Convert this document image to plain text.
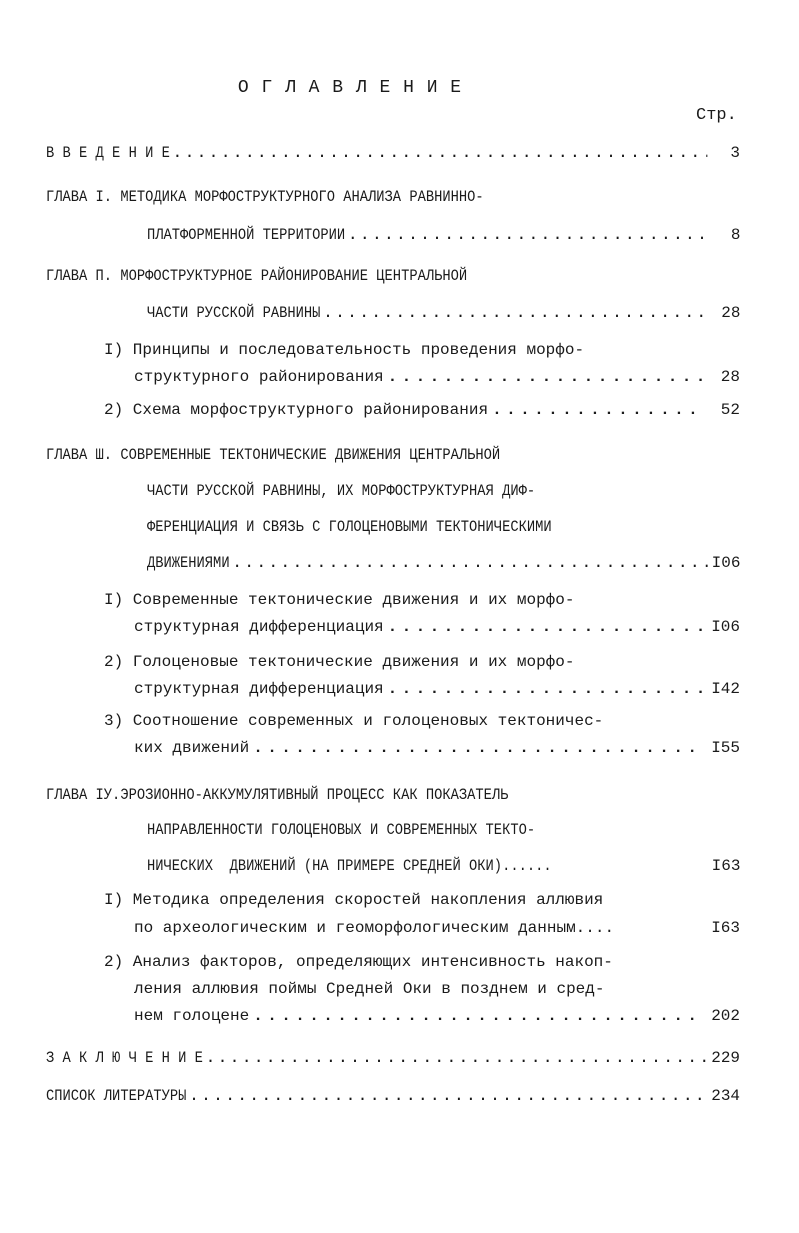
О Г Л А В Л Е Н И Е
Стр.
В В Е Д Е Н И Е . . .	3
ГЛАВА I. МЕТОДИКА МОРФОСТРУКТУРНОГО АНАЛИЗА РАВНИННО-
ПЛАТФОРМЕННОЙ ТЕРРИТОРИИ . . .	8
ГЛАВА П. МОРФОСТРУКТУРНОЕ РАЙОНИРОВАНИЕ ЦЕНТРАЛЬНОЙ
ЧАСТИ РУССКОЙ РАВНИНЫ . . .	28
I) Принципы и последовательность проведения морфо-
структурного районирования . . .	28
2) Схема морфоструктурного районирования . . .	52
ГЛАВА Ш. СОВРЕМЕННЫЕ ТЕКТОНИЧЕСКИЕ ДВИЖЕНИЯ ЦЕНТРАЛЬНОЙ
ЧАСТИ РУССКОЙ РАВНИНЫ, ИХ МОРФОСТРУКТУРНАЯ ДИФ-
ФЕРЕНЦИАЦИЯ И СВЯЗЬ С ГОЛОЦЕНОВЫМИ ТЕКТОНИЧЕСКИМИ
ДВИЖЕНИЯМИ . . .	I06
I) Современные тектонические движения и их морфо-
структурная дифференциация . . .	I06
2) Голоценовые тектонические движения и их морфо-
структурная дифференциация . . .	I42
3) Соотношение современных и голоценовых тектоничес-
ких движений . . .	I55
ГЛАВА IУ.ЭРОЗИОННО-АККУМУЛЯТИВНЫЙ ПРОЦЕСС КАК ПОКАЗАТЕЛЬ
НАПРАВЛЕННОСТИ ГОЛОЦЕНОВЫХ И СОВРЕМЕННЫХ ТЕКТО-
НИЧЕСКИХ  ДВИЖЕНИЙ (НА ПРИМЕРЕ СРЕДНЕЙ ОКИ)......	I63
I) Методика определения скоростей накопления аллювия
по археологическим и геоморфологическим данным....	I63
2) Анализ факторов, определяющих интенсивность накоп-
ления аллювия поймы Средней Оки в позднем и сред-
нем голоцене . . .	202
З А К Л Ю Ч Е Н И Е . . .	229
СПИСОК ЛИТЕРАТУРЫ . . .	234
